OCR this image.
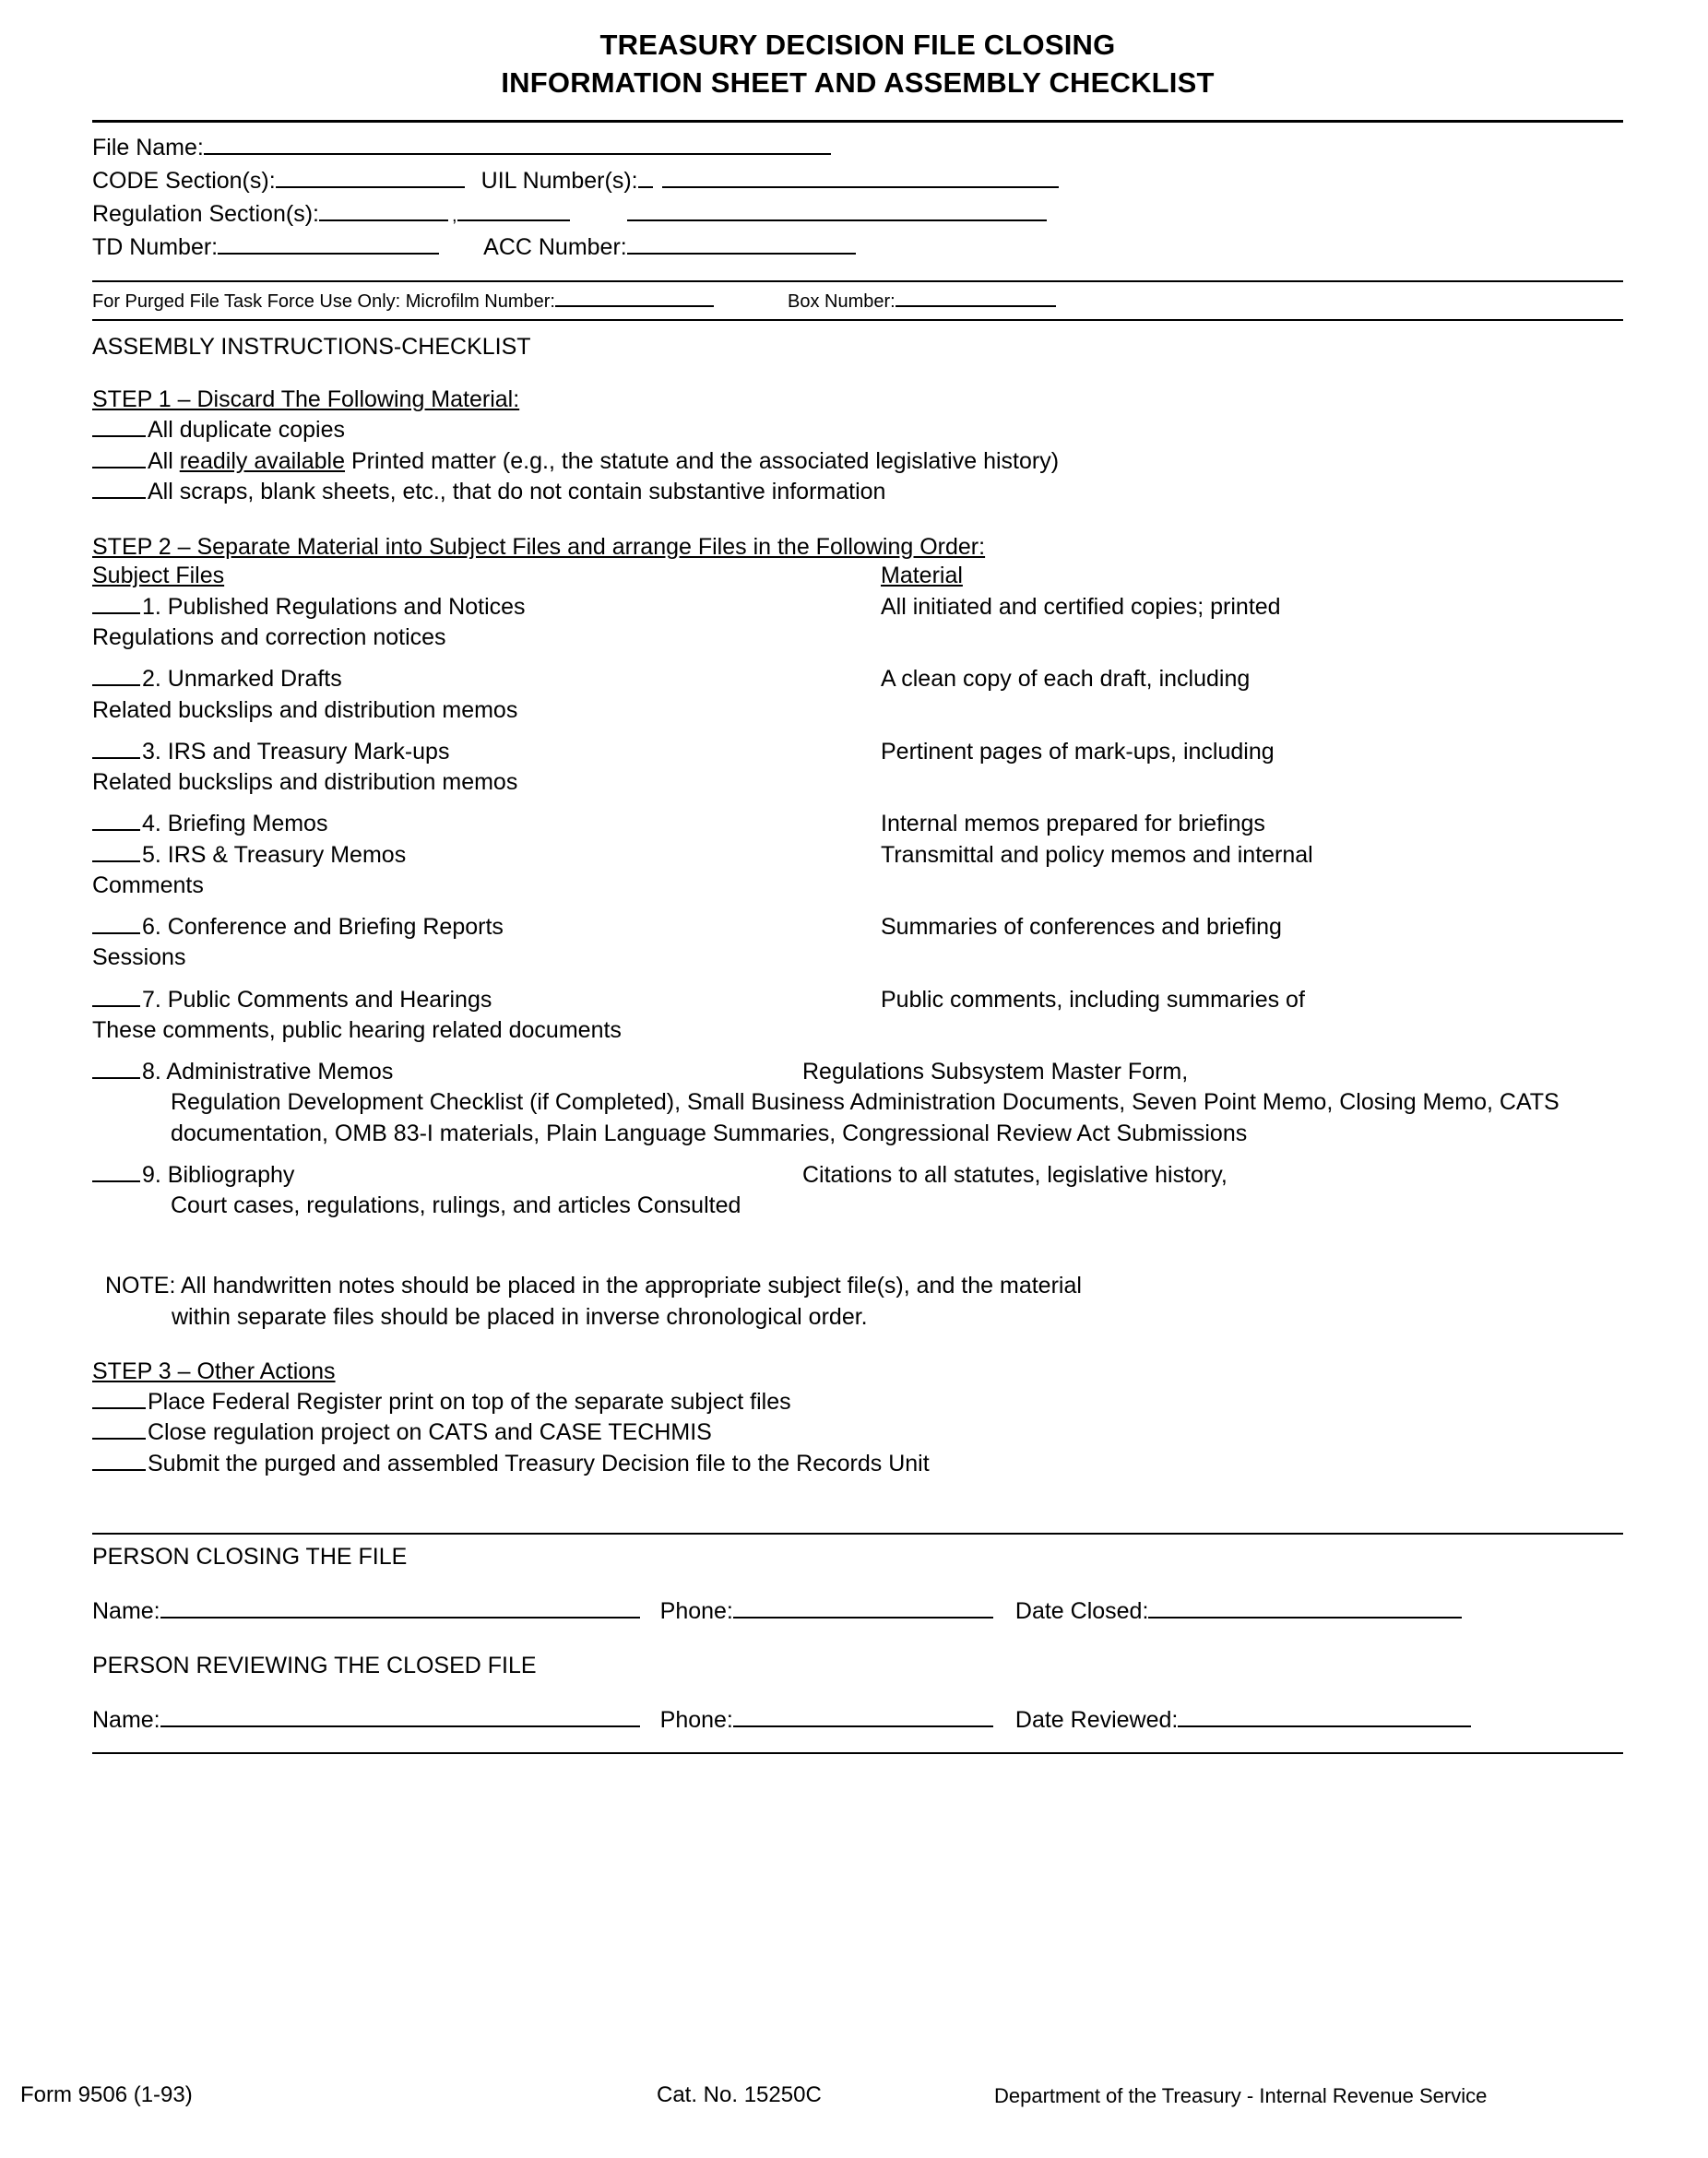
TREASURY DECISION FILE CLOSING
INFORMATION SHEET AND ASSEMBLY CHECKLIST
File Name:
CODE Section(s):	UIL Number(s):
Regulation Section(s):	,
TD Number:	ACC Number:
For Purged File Task Force Use Only: Microfilm Number:	Box Number:
ASSEMBLY INSTRUCTIONS-CHECKLIST
STEP 1 – Discard The Following Material:
All duplicate copies
All readily available Printed matter (e.g., the statute and the associated legislative history)
All scraps, blank sheets, etc., that do not contain substantive information
STEP 2 – Separate Material into Subject Files and arrange Files in the Following Order:
Subject Files	Material
1. Published Regulations and Notices	All initiated and certified copies; printed
Regulations and correction notices
2. Unmarked Drafts	A clean copy of each draft, including
Related buckslips and distribution memos
3. IRS and Treasury Mark-ups	Pertinent pages of mark-ups, including
Related buckslips and distribution memos
4. Briefing Memos	Internal memos prepared for briefings
5. IRS & Treasury Memos	Transmittal and policy memos and internal
Comments
6. Conference and Briefing Reports	Summaries of conferences and briefing
Sessions
7. Public Comments and Hearings	Public comments, including summaries of
These comments, public hearing related documents
8. Administrative Memos	Regulations Subsystem Master Form,
Regulation Development Checklist (if Completed), Small Business Administration Documents, Seven Point Memo, Closing Memo, CATS documentation, OMB 83-I materials, Plain Language Summaries, Congressional Review Act Submissions
9. Bibliography	Citations to all statutes, legislative history,
Court cases, regulations, rulings, and articles Consulted
NOTE: All handwritten notes should be placed in the appropriate subject file(s), and the material
within separate files should be placed in inverse chronological order.
STEP 3 – Other Actions
Place Federal Register print on top of the separate subject files
Close regulation project on CATS and CASE TECHMIS
Submit the purged and assembled Treasury Decision file to the Records Unit
PERSON CLOSING THE FILE
Name:	Phone:	Date Closed:
PERSON REVIEWING THE CLOSED FILE
Name:	Phone:	Date Reviewed:
Form 9506 (1-93)	Cat. No. 15250C	Department of the Treasury - Internal Revenue Service
